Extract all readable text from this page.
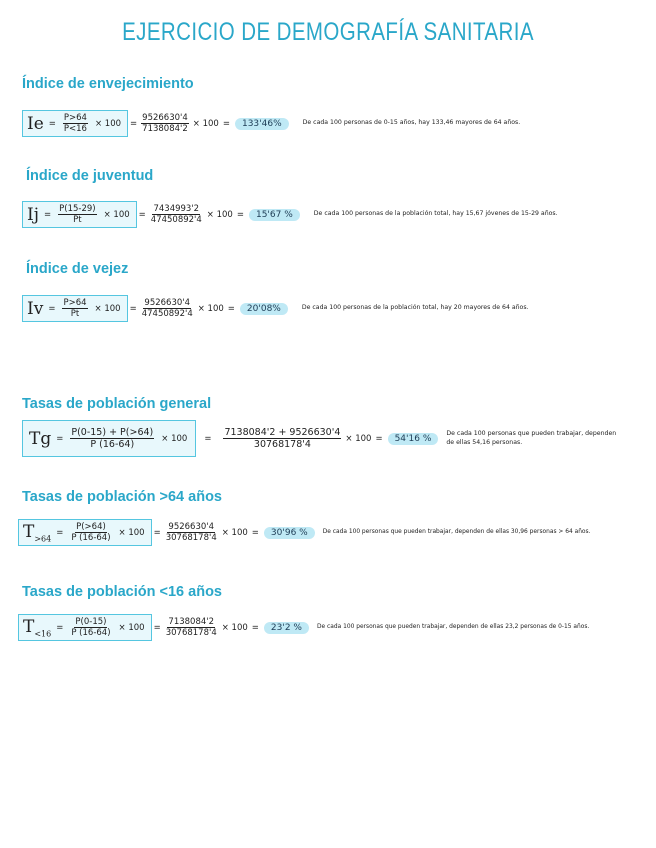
EJERCICIO DE DEMOGRAFÍA SANITARIA
Índice de envejecimiento
$Ie = \frac{P>64}{P<16} \times 100 = \frac{9526630'4}{7138084'2} \times 100$ =	133'46%	De cada 100 personas de 0-15 años, hay 133,46 mayores de 64 años.
Índice de juventud
$Ij = \frac{P(15-29)}{Pt} \times 100 = \frac{7434993'2}{47450892'4} \times 100$ =	15'67 %	De cada 100 personas de la población total, hay 15,67 jóvenes de 15-29 años.
Índice de vejez
$Iv = \frac{P>64}{Pt} \times 100 = \frac{9526630'4}{47450892'4} \times 100$ =	20'08%	De cada 100 personas de la población total, hay 20 mayores de 64 años.
Tasas de población general
$Tg = \frac{P(0-15) + P(>64)}{P (16-64)} \times 100 = \frac{7138084'2 + 9526630'4}{30768178'4} \times 100$ =	54'16 %
De cada 100 personas que pueden trabajar, dependen de ellas 54,16 personas.
Tasas de población >64 años
$T_{>64}$
= $\frac{P(>64)}{P (16-64)} \times 100 = \frac{9526630'4}{30768178'4} \times 100$ =	30'96 %	De cada 100 personas que pueden trabajar, dependen de ellas 30,96 personas > 64 años.
Tasas de población <16 años
$T_{<16}$
= $\frac{P(0-15)}{P (16-64)} \times 100 = \frac{7138084'2}{30768178'4} \times 100$ =	23'2 %	De cada 100 personas que pueden trabajar, dependen de ellas 23,2 personas de 0-15 años.
